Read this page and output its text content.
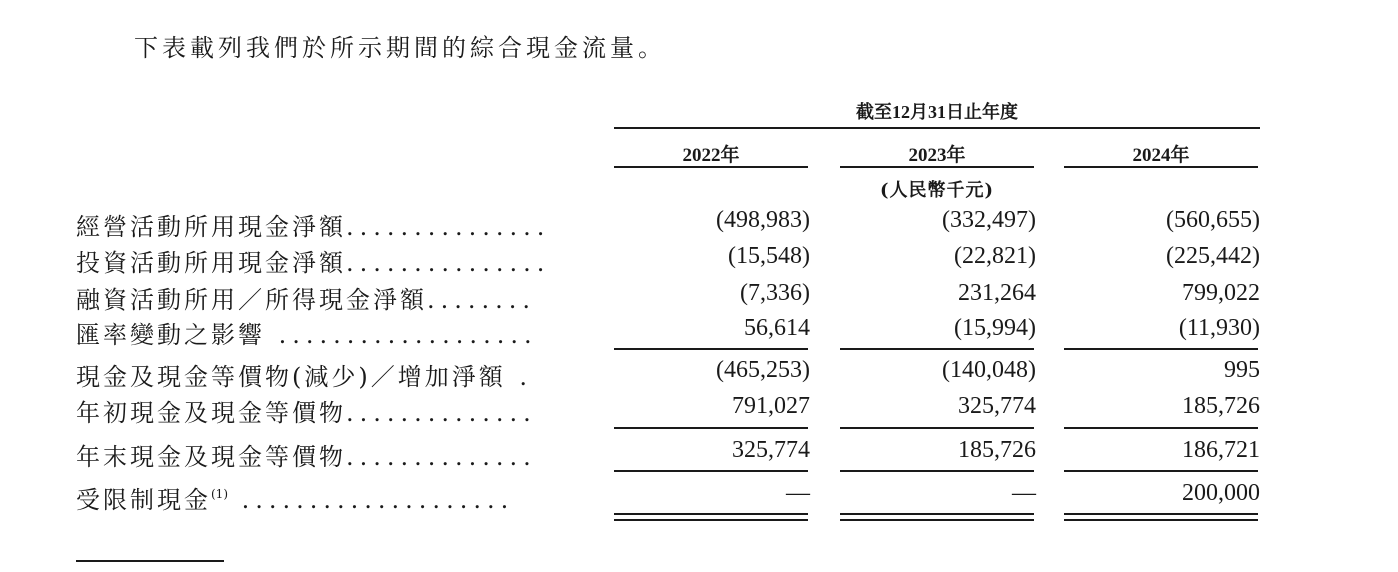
下表載列我們於所示期間的綜合現金流量。
截至12月31日止年度
2022年	2023年	2024年
(人民幣千元)
經營活動所用現金淨額...............	(498,983)	(332,497)	(560,655)
投資活動所用現金淨額...............	(15,548)	(22,821)	(225,442)
融資活動所用／所得現金淨額........	(7,336)	231,264	799,022
匯率變動之影響 ...................	56,614	(15,994)	(11,930)
現金及現金等價物(減少)／增加淨額 .	(465,253)	(140,048)	995
年初現金及現金等價物..............	791,027	325,774	185,726
年末現金及現金等價物..............	325,774	185,726	186,721
受限制現金$^{(1)}$ ....................	—	—	200,000
